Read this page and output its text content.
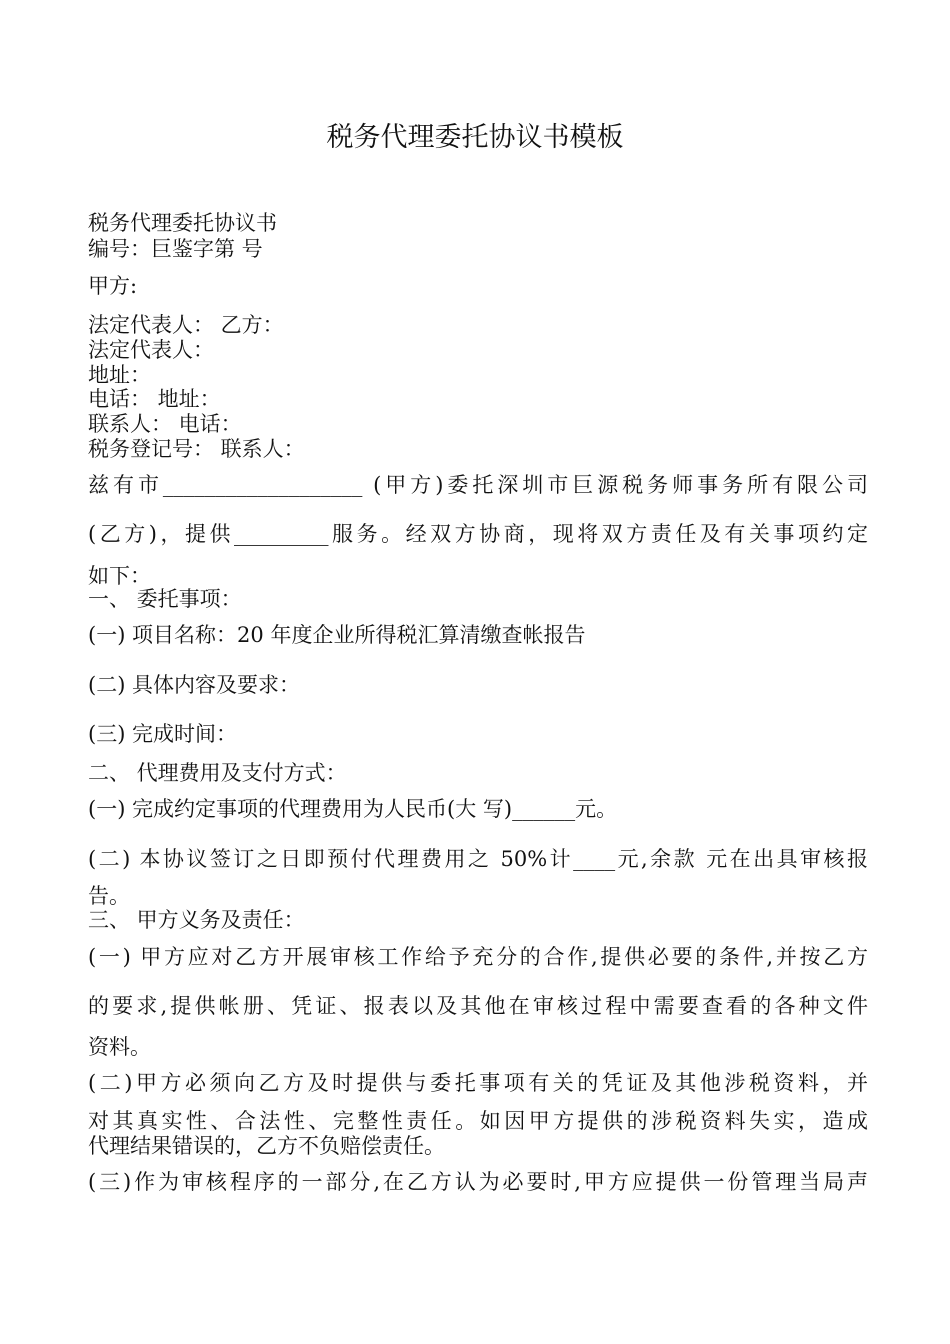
税务代理委托协议书模板
税务代理委托协议书
编号：巨鉴字第 号
甲方:
法定代表人： 乙方：
法定代表人：
地址：
电话： 地址：
联系人： 电话：
税务登记号： 联系人：
兹有市___________________ (甲方)委托深圳市巨源税务师事务所有限公司
(乙方)，提供_________服务。经双方协商，现将双方责任及有关事项约定
如下：
一、 委托事项：
(一) 项目名称：20 年度企业所得税汇算清缴查帐报告
(二) 具体内容及要求：
(三) 完成时间：
二、 代理费用及支付方式：
(一) 完成约定事项的代理费用为人民币(大 写)______元。
(二) 本协议签订之日即预付代理费用之 50%计____元,余款 元在出具审核报
告。
三、 甲方义务及责任：
(一) 甲方应对乙方开展审核工作给予充分的合作,提供必要的条件,并按乙方
的要求,提供帐册、凭证、报表以及其他在审核过程中需要查看的各种文件
资料。
(二)甲方必须向乙方及时提供与委托事项有关的凭证及其他涉税资料，并
对其真实性、合法性、完整性责任。如因甲方提供的涉税资料失实，造成
代理结果错误的，乙方不负赔偿责任。
(三)作为审核程序的一部分,在乙方认为必要时,甲方应提供一份管理当局声
